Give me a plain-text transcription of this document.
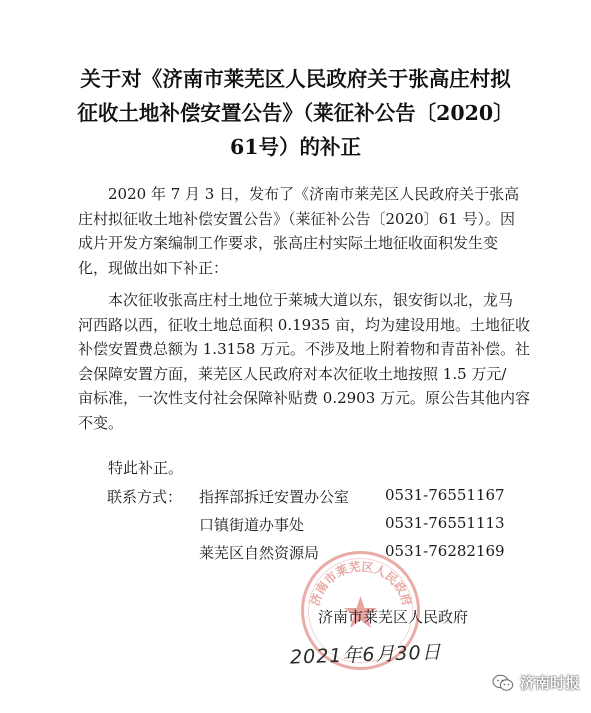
关于对《济南市莱芜区人民政府关于张高庄村拟
征收土地补偿安置公告》（莱征补公告〔2020〕
61号）的补正
2020 年 7 月 3 日，发布了《济南市莱芜区人民政府关于张高
庄村拟征收土地补偿安置公告》（莱征补公告〔2020〕61 号）。因
成片开发方案编制工作要求，张高庄村实际土地征收面积发生变
化，现做出如下补正：
本次征收张高庄村土地位于莱城大道以东，银安街以北，龙马
河西路以西，征收土地总面积 0.1935 亩，均为建设用地。土地征收
补偿安置费总额为 1.3158 万元。不涉及地上附着物和青苗补偿。社
会保障安置方面，莱芜区人民政府对本次征收土地按照 1.5 万元/
亩标准，一次性支付社会保障补贴费 0.2903 万元。原公告其他内容
不变。
特此补正。
联系方式： 指挥部拆迁安置办公室 0531-76551167
口镇街道办事处	0531-76551113
莱芜区自然资源局	0531-76282169
济南市莱芜区人民政府
济南市莱芜区人民政府
2021年6月30日
济南时报
